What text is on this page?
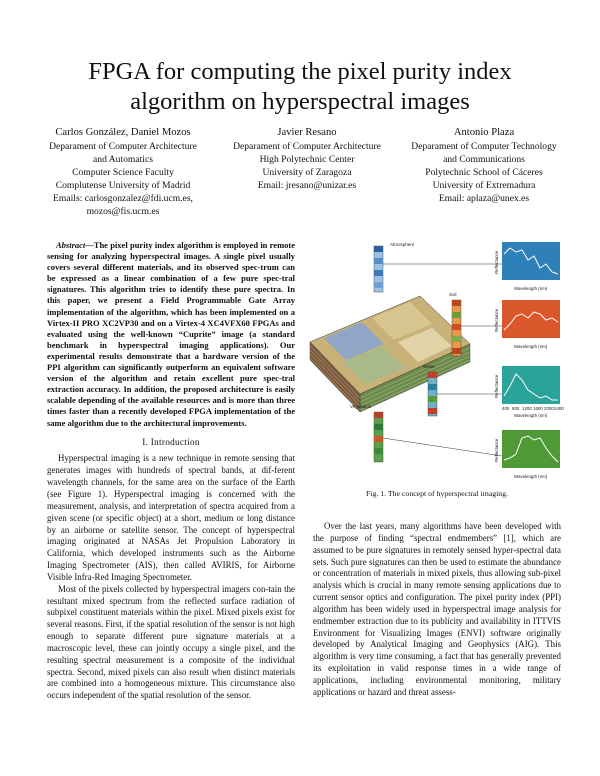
FPGA for computing the pixel purity index
algorithm on hyperspectral images
Carlos González, Daniel Mozos
Deparament of Computer Architecture
and Automatics
Computer Science Faculty
Complutense University of Madrid
Emails: carlosgonzalez@fdi.ucm.es,
mozos@fis.ucm.es
Javier Resano
Deparament of Computer Architecture
High Polytechnic Center
University of Zaragoza
Email: jresano@unizar.es
Antonio Plaza
Deparament of Computer Technology
and Communications
Polytechnic School of Cáceres
University of Extremadura
Email: aplaza@unex.es

Abstract—The pixel purity index algorithm is employed in remote sensing for analyzing hyperspectral images. A single pixel usually covers several different materials, and its observed spec-trum can be expressed as a linear combination of a few pure spec-tral signatures. This algorithm tries to identify these pure spectra. In this paper, we present a Field Programmable Gate Array implementation of the algorithm, which has been implemented on a Virtex-II PRO XC2VP30 and on a Virtex-4 XC4VFX60 FPGAs and evaluated using the well-known “Cuprite” image (a standard benchmark in hyperspectral imaging applications). Our experimental results demonstrate that a hardware version of the PPI algorithm can significantly outperform an equivalent software version of the algorithm and retain excellent pure spec-tral extraction accuracy. In addition, the proposed architecture is easily scalable depending of the available resources and is more than three times faster than a recently developed FPGA implementation of the same algorithm due to the architectural improvements.

I. Introduction

Hyperspectral imaging is a new technique in remote sensing that generates images with hundreds of spectral bands, at dif-ferent wavelength channels, for the same area on the surface of the Earth (see Figure 1). Hyperspectral imaging is concerned with the measurement, analysis, and interpretation of spectra acquired from a given scene (or specific object) at a short, medium or long distance by an airborne or satellite sensor. The concept of hyperspectral imaging originated at NASAs Jet Propulsion Laboratory in California, which developed instruments such as the Airborne Imaging Spectrometer (AIS), then called AVIRIS, for Airborne Visible Infra-Red Imaging Spectrometer.

Most of the pixels collected by hyperspectral imagers con-tain the resultant mixed spectrum from the reflected surface radiation of subpixel constituent materials within the pixel. Mixed pixels exist for several reasons. First, if the spatial resolution of the sensor is not high enough to separate different pure signature materials at a macroscopic level, these can jointly occupy a single pixel, and the resulting spectral measurement is a composite of the individual spectra. Second, mixed pixels can also result when distinct materials are combined into a homogeneous mixture. This circumstance also occurs independent of the spatial resolution of the sensor.

Atmosphere
Soil
Water
Vegetation
Reflectance
Wavelength (nm)
Reflectance
Wavelength (nm)
Reflectance
400 800 1200 1600 2000 2400
Wavelength (nm)
Reflectance
Wavelength (nm)
Fig. 1. The concept of hyperspectral imaging.

Over the last years, many algorithms have been developed with the purpose of finding “spectral endmembers” [1], which are assumed to be pure signatures in remotely sensed hyper-spectral data sets. Such pure signatures can then be used to estimate the abundance or concentration of materials in mixed pixels, thus allowing sub-pixel analysis which is crucial in many remote sensing applications due to current sensor optics and configuration. The pixel purity index (PPI) algorithm has been widely used in hyperspectral image analysis for endmember extraction due to its publicity and availability in ITTVIS Environment for Visualizing Images (ENVI) software originally developed by Analytical Imaging and Geophysics (AIG). This algorithm is very time consuming, a fact that has generally prevented its exploitation in valid response times in a wide range of applications, including environmental monitoring, military applications or hazard and threat assess-
